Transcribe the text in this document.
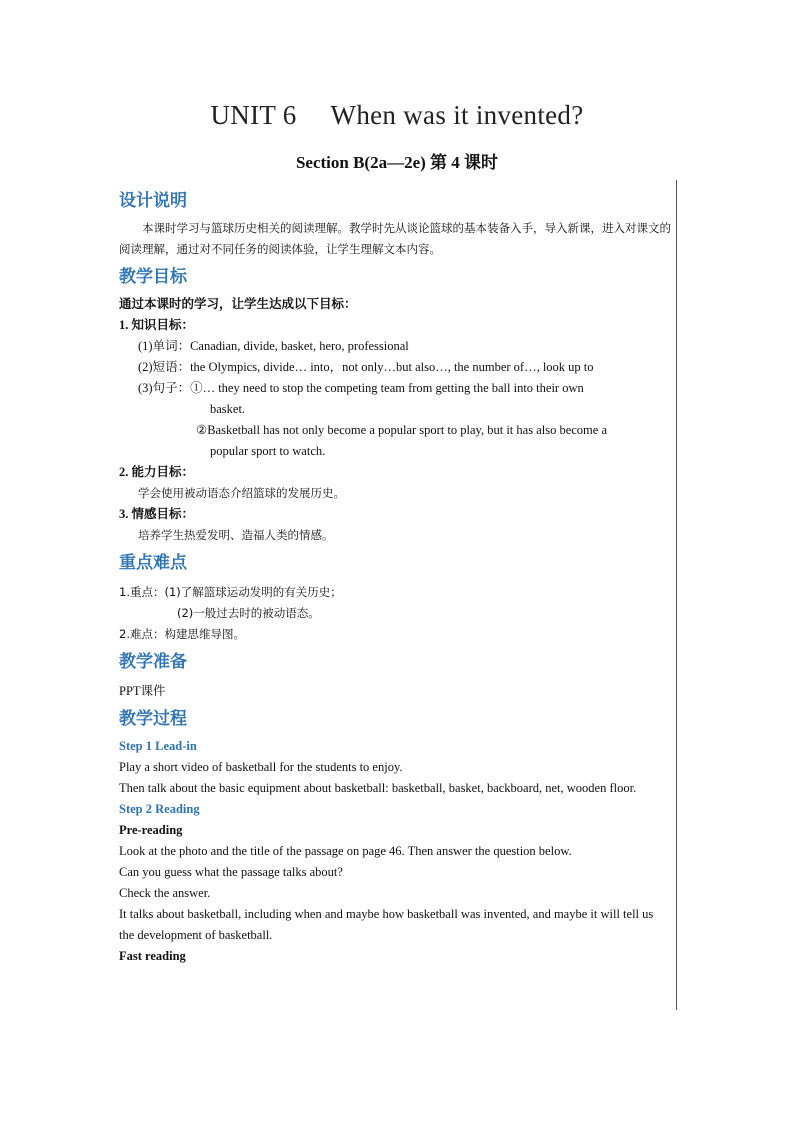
UNIT 6 When was it invented?
Section B(2a—2e) 第 4 课时
设计说明

本课时学习与篮球历史相关的阅读理解。教学时先从谈论篮球的基本装备入手，导入新课，进入对课文的阅读理解，通过对不同任务的阅读体验，让学生理解文本内容。

教学目标

通过本课时的学习，让学生达成以下目标：

1. 知识目标：

(1)单词：Canadian, divide, basket, hero, professional

(2)短语：the Olympics, divide… into，not only…but also…, the number of…, look up to

(3)句子：①… they need to stop the competing team from getting the ball into their own

basket.

②Basketball has not only become a popular sport to play, but it has also become a

popular sport to watch.

2. 能力目标：

学会使用被动语态介绍篮球的发展历史。

3. 情感目标：

培养学生热爱发明、造福人类的情感。

重点难点

1.重点：(1)了解篮球运动发明的有关历史；

(2)一般过去时的被动语态。

2.难点：构建思维导图。

教学准备

PPT课件

教学过程

Step 1 Lead-in

Play a short video of basketball for the students to enjoy.

Then talk about the basic equipment about basketball: basketball, basket, backboard, net, wooden floor.

Step 2 Reading

Pre-reading

Look at the photo and the title of the passage on page 46. Then answer the question below.

Can you guess what the passage talks about?

Check the answer.

It talks about basketball, including when and maybe how basketball was invented, and maybe it will tell us the development of basketball.

Fast reading
